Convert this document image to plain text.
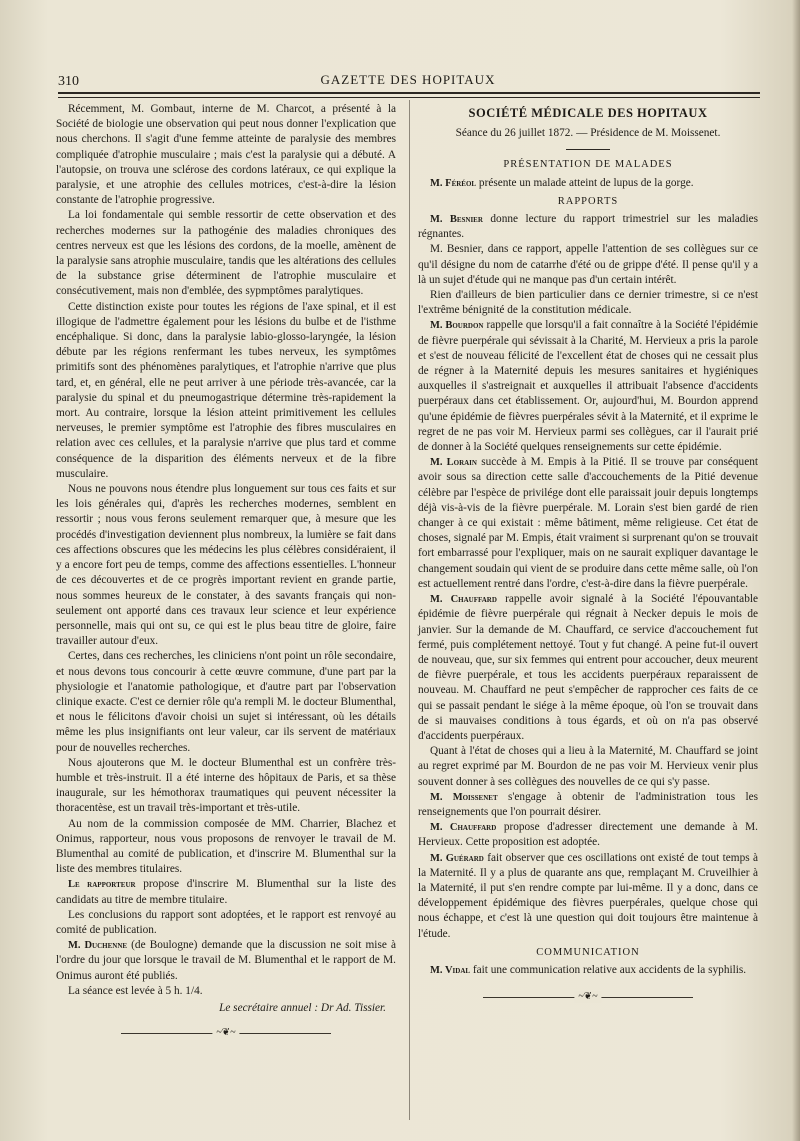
310	GAZETTE DES HOPITAUX

Récemment, M. Gombaut, interne de M. Charcot, a présenté à la Société de biologie une observation qui peut nous donner l'explication que nous cherchons. Il s'agit d'une femme atteinte de paralysie des membres compliquée d'atrophie musculaire ; mais c'est la paralysie qui a débuté. A l'autopsie, on trouva une sclérose des cordons latéraux, ce qui explique la paralysie, et une atrophie des cellules motrices, c'est-à-dire la lésion constante de l'atrophie progressive.

La loi fondamentale qui semble ressortir de cette observation et des recherches modernes sur la pathogénie des maladies chroniques des centres nerveux est que les lésions des cordons, de la moelle, amènent de la paralysie sans atrophie musculaire, tandis que les altérations des cellules de la substance grise déterminent de l'atrophie musculaire et consécutivement, mais non d'emblée, des sypmptômes paralytiques.

Cette distinction existe pour toutes les régions de l'axe spinal, et il est illogique de l'admettre également pour les lésions du bulbe et de l'isthme encéphalique. Si donc, dans la paralysie labio-glosso-laryngée, la lésion débute par les régions renfermant les tubes nerveux, les symptômes primitifs sont des phénomènes paralytiques, et l'atrophie n'arrive que plus tard, et, en général, elle ne peut arriver à une période très-avancée, car la paralysie du spinal et du pneumogastrique détermine très-rapidement la mort. Au contraire, lorsque la lésion atteint primitivement les cellules nerveuses, le premier symptôme est l'atrophie des fibres musculaires en relation avec ces cellules, et la paralysie n'arrive que plus tard et comme conséquence de la disparition des éléments nerveux et de la fibre musculaire.

Nous ne pouvons nous étendre plus longuement sur tous ces faits et sur les lois générales qui, d'après les recherches modernes, semblent en ressortir ; nous vous ferons seulement remarquer que, à mesure que les procédés d'investigation deviennent plus nombreux, la lumière se fait dans ces affections obscures que les médecins les plus célèbres considéraient, il y a encore fort peu de temps, comme des affections essentielles. L'honneur de ces découvertes et de ce progrès important revient en grande partie, nous sommes heureux de le constater, à des savants français qui non-seulement ont apporté dans ces travaux leur science et leur expérience personnelle, mais qui ont su, ce qui est le plus beau titre de gloire, faire travailler autour d'eux.

Certes, dans ces recherches, les cliniciens n'ont point un rôle secondaire, et nous devons tous concourir à cette œuvre commune, d'une part par la physiologie et l'anatomie pathologique, et d'autre part par l'observation clinique exacte. C'est ce dernier rôle qu'a rempli M. le docteur Blumenthal, et nous le félicitons d'avoir choisi un sujet si intéressant, où les détails même les plus insignifiants ont leur valeur, car ils servent de matériaux pour de nouvelles recherches.

Nous ajouterons que M. le docteur Blumenthal est un confrère très-humble et très-instruit. Il a été interne des hôpitaux de Paris, et sa thèse inaugurale, sur les hémothorax traumatiques qui peuvent nécessiter la thoracentèse, est un travail très-important et très-utile.

Au nom de la commission composée de MM. Charrier, Blachez et Onimus, rapporteur, nous vous proposons de renvoyer le travail de M. Blumenthal au comité de publication, et d'inscrire M. Blumenthal sur la liste des membres titulaires.

Le rapporteur propose d'inscrire M. Blumenthal sur la liste des candidats au titre de membre titulaire.

Les conclusions du rapport sont adoptées, et le rapport est renvoyé au comité de publication.

M. Duchenne (de Boulogne) demande que la discussion ne soit mise à l'ordre du jour que lorsque le travail de M. Blumenthal et le rapport de M. Onimus auront été publiés.

La séance est levée à 5 h. 1/4.

Le secrétaire annuel : Dr Ad. Tissier.

~❦~

SOCIÉTÉ MÉDICALE DES HOPITAUX

Séance du 26 juillet 1872. — Présidence de M. Moissenet.

PRÉSENTATION DE MALADES

M. Féréol présente un malade atteint de lupus de la gorge.

RAPPORTS

M. Besnier donne lecture du rapport trimestriel sur les maladies régnantes.

M. Besnier, dans ce rapport, appelle l'attention de ses collègues sur ce qu'il désigne du nom de catarrhe d'été ou de grippe d'été. Il pense qu'il y a là un sujet d'étude qui ne manque pas d'un certain intérêt.

Rien d'ailleurs de bien particulier dans ce dernier trimestre, si ce n'est l'extrême bénignité de la constitution médicale.

M. Bourdon rappelle que lorsqu'il a fait connaître à la Société l'épidémie de fièvre puerpérale qui sévissait à la Charité, M. Hervieux a pris la parole et s'est de nouveau félicité de l'excellent état de choses qui ne cessait plus de régner à la Maternité depuis les mesures sanitaires et hygiéniques auxquelles il s'astreignait et auxquelles il attribuait l'absence d'accidents puerpéraux dans cet établissement. Or, aujourd'hui, M. Bourdon apprend qu'une épidémie de fièvres puerpérales sévit à la Maternité, et il exprime le regret de ne pas voir M. Hervieux parmi ses collègues, car il l'aurait prié de donner à la Société quelques renseignements sur cette épidémie.

M. Lorain succède à M. Empis à la Pitié. Il se trouve par conséquent avoir sous sa direction cette salle d'accouchements de la Pitié devenue célèbre par l'espèce de privilége dont elle paraissait jouir depuis longtemps déjà vis-à-vis de la fièvre puerpérale. M. Lorain s'est bien gardé de rien changer à ce qui existait : même bâtiment, même religieuse. Cet état de choses, signalé par M. Empis, était vraiment si surprenant qu'on se trouvait fort embarrassé pour l'expliquer, mais on ne saurait expliquer davantage le changement soudain qui vient de se produire dans cette même salle, où l'on est actuellement rentré dans l'ordre, c'est-à-dire dans la fièvre puerpérale.

M. Chauffard rappelle avoir signalé à la Société l'épouvantable épidémie de fièvre puerpérale qui régnait à Necker depuis le mois de janvier. Sur la demande de M. Chauffard, ce service d'accouchement fut fermé, puis complétement nettoyé. Tout y fut changé. A peine fut-il ouvert de nouveau, que, sur six femmes qui entrent pour accoucher, deux meurent de fièvre puerpérale, et tous les accidents puerpéraux reparaissent de nouveau. M. Chauffard ne peut s'empêcher de rapprocher ces faits de ce qui se passait pendant le siége à la même époque, où l'on se trouvait dans de si mauvaises conditions à tous égards, et où on n'a pas observé d'accidents puerpéraux.

Quant à l'état de choses qui a lieu à la Maternité, M. Chauffard se joint au regret exprimé par M. Bourdon de ne pas voir M. Hervieux venir plus souvent donner à ses collègues des nouvelles de ce qui s'y passe.

M. Moissenet s'engage à obtenir de l'administration tous les renseignements que l'on pourrait désirer.

M. Chauffard propose d'adresser directement une demande à M. Hervieux. Cette proposition est adoptée.

M. Guérard fait observer que ces oscillations ont existé de tout temps à la Maternité. Il y a plus de quarante ans que, remplaçant M. Cruveilhier à la Maternité, il put s'en rendre compte par lui-même. Il y a donc, dans ce développement épidémique des fièvres puerpérales, quelque chose qui nous échappe, et c'est là une question qui doit toujours être maintenue à l'étude.

COMMUNICATION

M. Vidal fait une communication relative aux accidents de la syphilis.

~❦~
